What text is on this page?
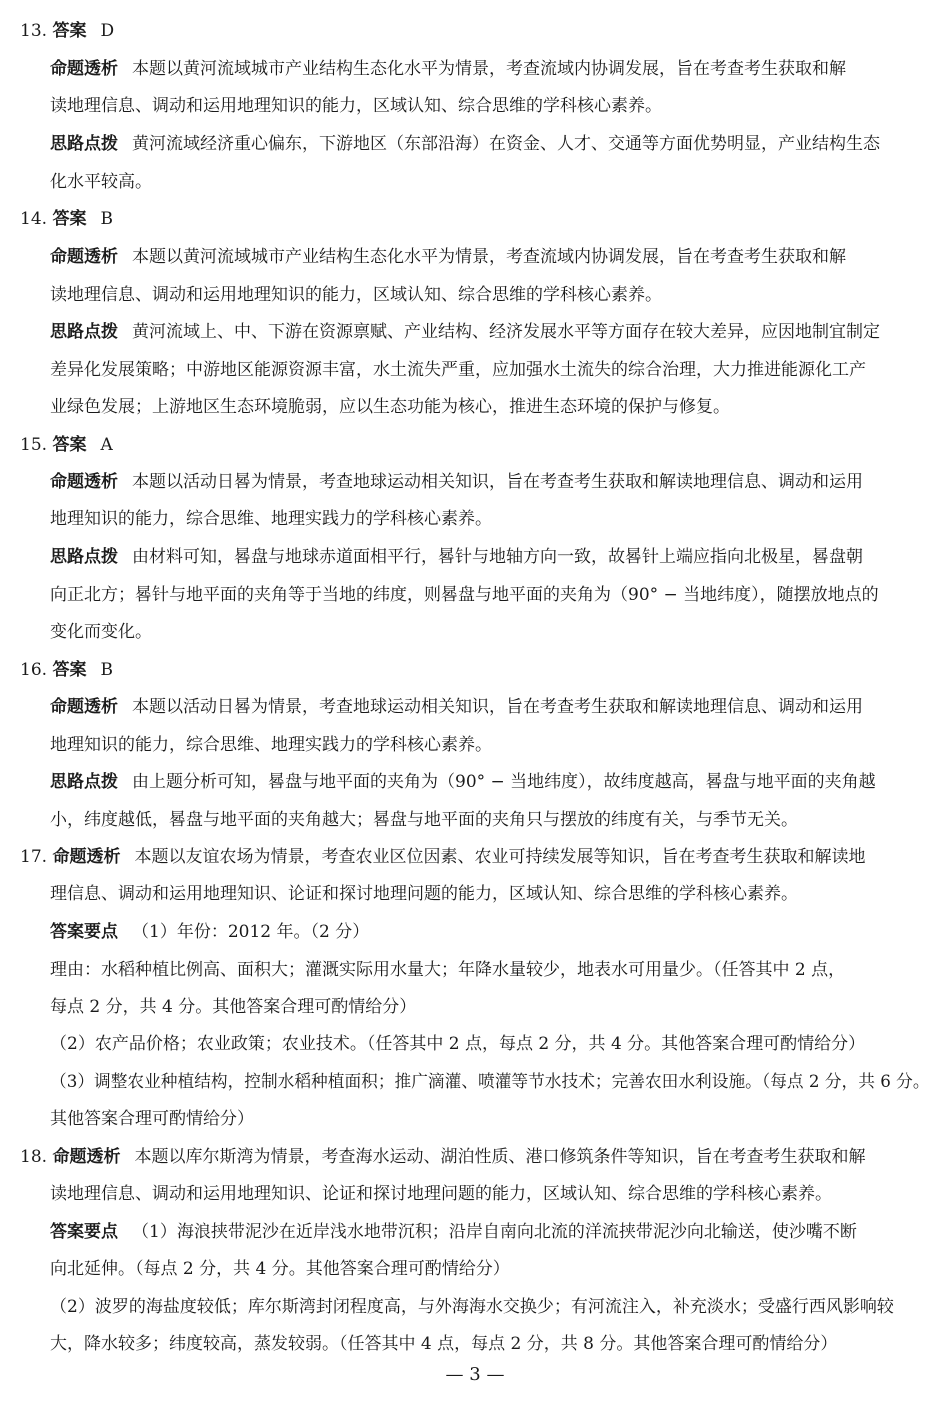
13. 答案 D
命题透析 本题以黄河流域城市产业结构生态化水平为情景，考查流域内协调发展，旨在考查考生获取和解
读地理信息、调动和运用地理知识的能力，区域认知、综合思维的学科核心素养。
思路点拨 黄河流域经济重心偏东，下游地区（东部沿海）在资金、人才、交通等方面优势明显，产业结构生态
化水平较高。
14. 答案 B
命题透析 本题以黄河流域城市产业结构生态化水平为情景，考查流域内协调发展，旨在考查考生获取和解
读地理信息、调动和运用地理知识的能力，区域认知、综合思维的学科核心素养。
思路点拨 黄河流域上、中、下游在资源禀赋、产业结构、经济发展水平等方面存在较大差异，应因地制宜制定
差异化发展策略；中游地区能源资源丰富，水土流失严重，应加强水土流失的综合治理，大力推进能源化工产
业绿色发展；上游地区生态环境脆弱，应以生态功能为核心，推进生态环境的保护与修复。
15. 答案 A
命题透析 本题以活动日晷为情景，考查地球运动相关知识，旨在考查考生获取和解读地理信息、调动和运用
地理知识的能力，综合思维、地理实践力的学科核心素养。
思路点拨 由材料可知，晷盘与地球赤道面相平行，晷针与地轴方向一致，故晷针上端应指向北极星，晷盘朝
向正北方；晷针与地平面的夹角等于当地的纬度，则晷盘与地平面的夹角为（90° − 当地纬度），随摆放地点的
变化而变化。
16. 答案 B
命题透析 本题以活动日晷为情景，考查地球运动相关知识，旨在考查考生获取和解读地理信息、调动和运用
地理知识的能力，综合思维、地理实践力的学科核心素养。
思路点拨 由上题分析可知，晷盘与地平面的夹角为（90° − 当地纬度），故纬度越高，晷盘与地平面的夹角越
小，纬度越低，晷盘与地平面的夹角越大；晷盘与地平面的夹角只与摆放的纬度有关，与季节无关。
17. 命题透析 本题以友谊农场为情景，考查农业区位因素、农业可持续发展等知识，旨在考查考生获取和解读地
理信息、调动和运用地理知识、论证和探讨地理问题的能力，区域认知、综合思维的学科核心素养。
答案要点 （1）年份：2012 年。（2 分）
理由：水稻种植比例高、面积大；灌溉实际用水量大；年降水量较少，地表水可用量少。（任答其中 2 点，
每点 2 分，共 4 分。其他答案合理可酌情给分）
（2）农产品价格；农业政策；农业技术。（任答其中 2 点，每点 2 分，共 4 分。其他答案合理可酌情给分）
（3）调整农业种植结构，控制水稻种植面积；推广滴灌、喷灌等节水技术；完善农田水利设施。（每点 2 分，共 6 分。
其他答案合理可酌情给分）
18. 命题透析 本题以库尔斯湾为情景，考查海水运动、湖泊性质、港口修筑条件等知识，旨在考查考生获取和解
读地理信息、调动和运用地理知识、论证和探讨地理问题的能力，区域认知、综合思维的学科核心素养。
答案要点 （1）海浪挟带泥沙在近岸浅水地带沉积；沿岸自南向北流的洋流挟带泥沙向北输送，使沙嘴不断
向北延伸。（每点 2 分，共 4 分。其他答案合理可酌情给分）
（2）波罗的海盐度较低；库尔斯湾封闭程度高，与外海海水交换少；有河流注入，补充淡水；受盛行西风影响较
大，降水较多；纬度较高，蒸发较弱。（任答其中 4 点，每点 2 分，共 8 分。其他答案合理可酌情给分）
— 3 —
